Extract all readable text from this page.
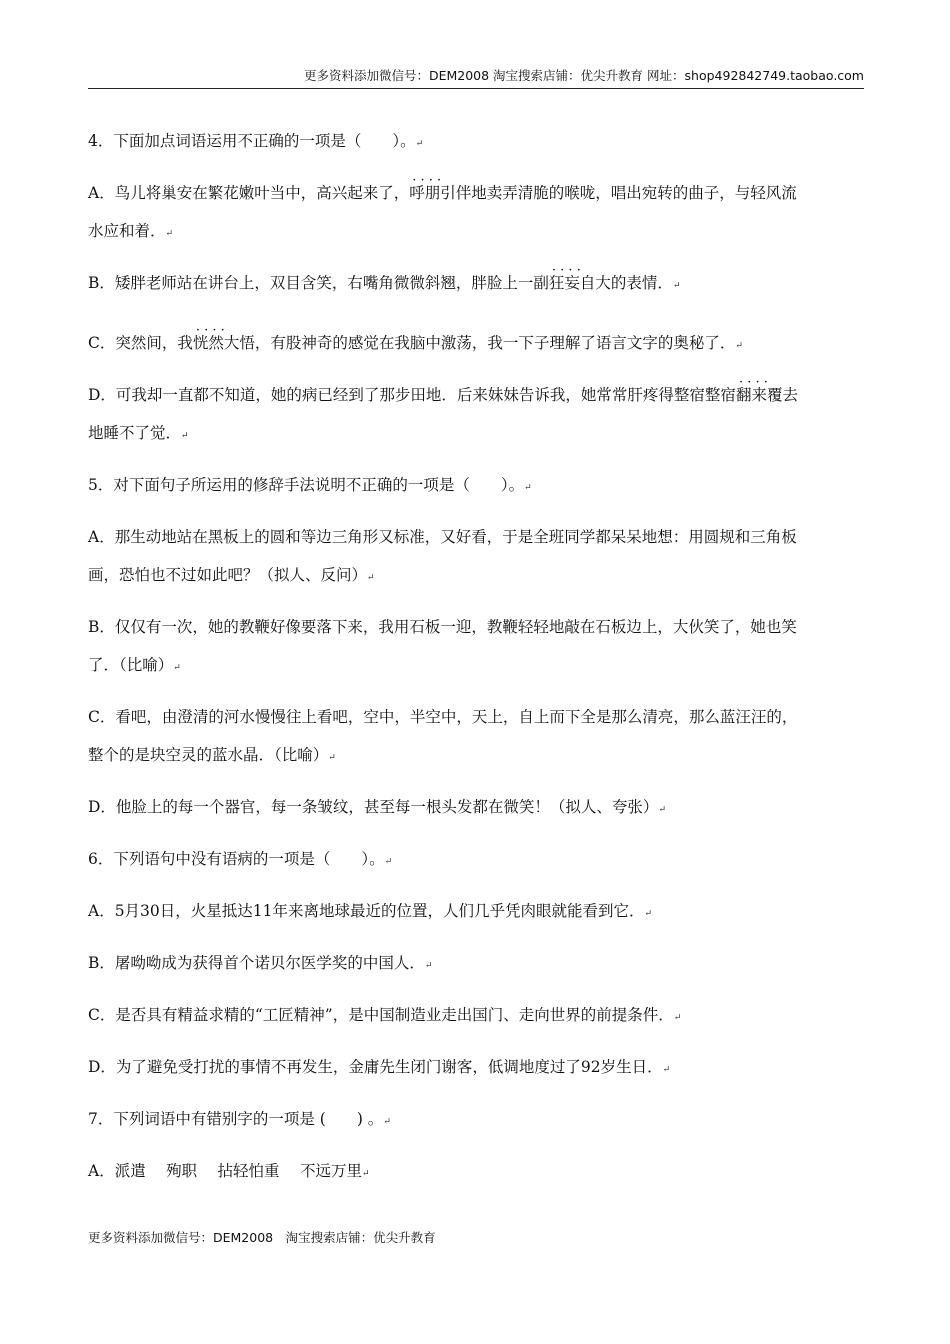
更多资料添加微信号：DEM2008 淘宝搜索店铺：优尖升教育 网址：shop492842749.taobao.com
4．下面加点词语运用不正确的一项是（　　）。↵
A．鸟儿将巢安在繁花嫩叶当中，高兴起来了，呼朋引伴地卖弄清脆的喉咙，唱出宛转的曲子，与轻风流
水应和着．↵
B．矮胖老师站在讲台上，双目含笑，右嘴角微微斜翘，胖脸上一副狂妄自大的表情．↵
C．突然间，我恍然大悟，有股神奇的感觉在我脑中激荡，我一下子理解了语言文字的奥秘了．↵
D．可我却一直都不知道，她的病已经到了那步田地．后来妹妹告诉我，她常常肝疼得整宿整宿翻来覆去
地睡不了觉．↵
5．对下面句子所运用的修辞手法说明不正确的一项是（　　）。↵
A．那生动地站在黑板上的圆和等边三角形又标准，又好看，于是全班同学都呆呆地想：用圆规和三角板
画，恐怕也不过如此吧？（拟人、反问）↵
B．仅仅有一次，她的教鞭好像要落下来，我用石板一迎，教鞭轻轻地敲在石板边上，大伙笑了，她也笑
了．（比喻）↵
C．看吧，由澄清的河水慢慢往上看吧，空中，半空中，天上，自上而下全是那么清亮，那么蓝汪汪的，
整个的是块空灵的蓝水晶．（比喻）↵
D．他脸上的每一个器官，每一条皱纹，甚至每一根头发都在微笑！（拟人、夸张）↵
6．下列语句中没有语病的一项是（　　）。↵
A．5月30日，火星抵达11年来离地球最近的位置，人们几乎凭肉眼就能看到它．↵
B．屠呦呦成为获得首个诺贝尔医学奖的中国人．↵
C．是否具有精益求精的“工匠精神”，是中国制造业走出国门、走向世界的前提条件．↵
D．为了避免受打扰的事情不再发生，金庸先生闭门谢客，低调地度过了92岁生日．↵
7．下列词语中有错别字的一项是 (　　) 。↵
A．派遣　 殉职　 拈轻怕重　 不远万里↵
更多资料添加微信号：DEM2008　淘宝搜索店铺：优尖升教育
